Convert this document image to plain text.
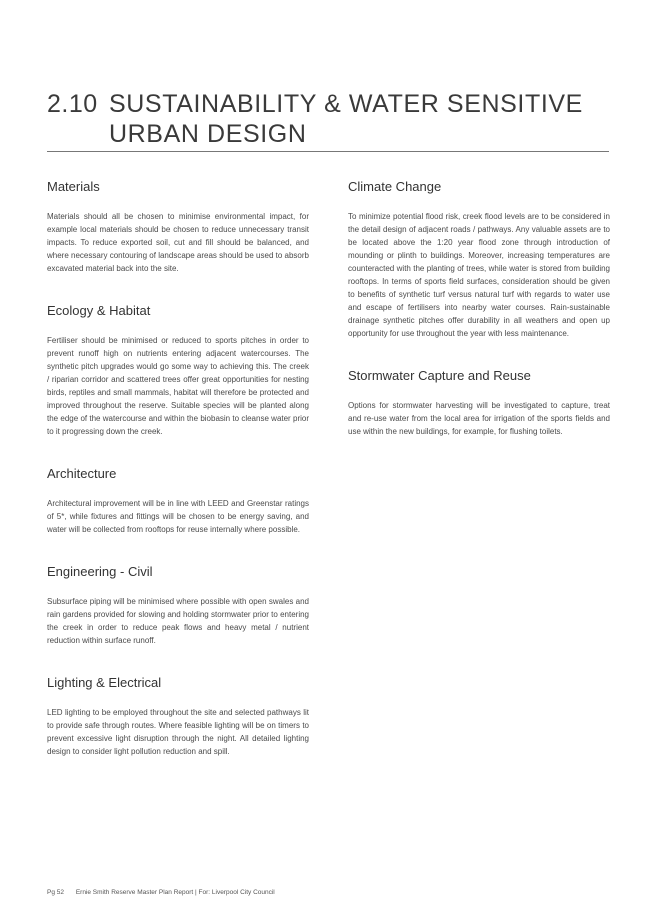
2.10 SUSTAINABILITY & WATER SENSITIVE URBAN DESIGN
Materials

Materials should all be chosen to minimise environmental impact, for example local materials should be chosen to reduce unnecessary transit impacts. To reduce exported soil, cut and fill should be balanced, and where necessary contouring of landscape areas should be used to absorb excavated material back into the site.

Ecology & Habitat

Fertiliser should be minimised or reduced to sports pitches in order to prevent runoff high on nutrients entering adjacent watercourses. The synthetic pitch upgrades would go some way to achieving this. The creek / riparian corridor and scattered trees offer great opportunities for nesting birds, reptiles and small mammals, habitat will therefore be protected and improved throughout the reserve. Suitable species will be planted along the edge of the watercourse and within the biobasin to cleanse water prior to it progressing down the creek.

Architecture

Architectural improvement will be in line with LEED and Greenstar ratings of 5*, while fixtures and fittings will be chosen to be energy saving, and water will be collected from rooftops for reuse internally where possible.

Engineering - Civil

Subsurface piping will be minimised where possible with open swales and rain gardens provided for slowing and holding stormwater prior to entering the creek in order to reduce peak flows and heavy metal / nutrient reduction within surface runoff.

Lighting & Electrical

LED lighting to be employed throughout the site and selected pathways lit to provide safe through routes. Where feasible lighting will be on timers to prevent excessive light disruption through the night. All detailed lighting design to consider light pollution reduction and spill.

Climate Change

To minimize potential flood risk, creek flood levels are to be considered in the detail design of adjacent roads / pathways. Any valuable assets are to be located above the 1:20 year flood zone through introduction of mounding or plinth to buildings. Moreover, increasing temperatures are counteracted with the planting of trees, while water is stored from building rooftops. In terms of sports field surfaces, consideration should be given to benefits of synthetic turf versus natural turf with regards to water use and escape of fertilisers into nearby water courses. Rain-sustainable drainage synthetic pitches offer durability in all weathers and open up opportunity for use throughout the year with less maintenance.

Stormwater Capture and Reuse

Options for stormwater harvesting will be investigated to capture, treat and re-use water from the local area for irrigation of the sports fields and use within the new buildings, for example, for flushing toilets.

Pg 52 Ernie Smith Reserve Master Plan Report | For: Liverpool City Council
